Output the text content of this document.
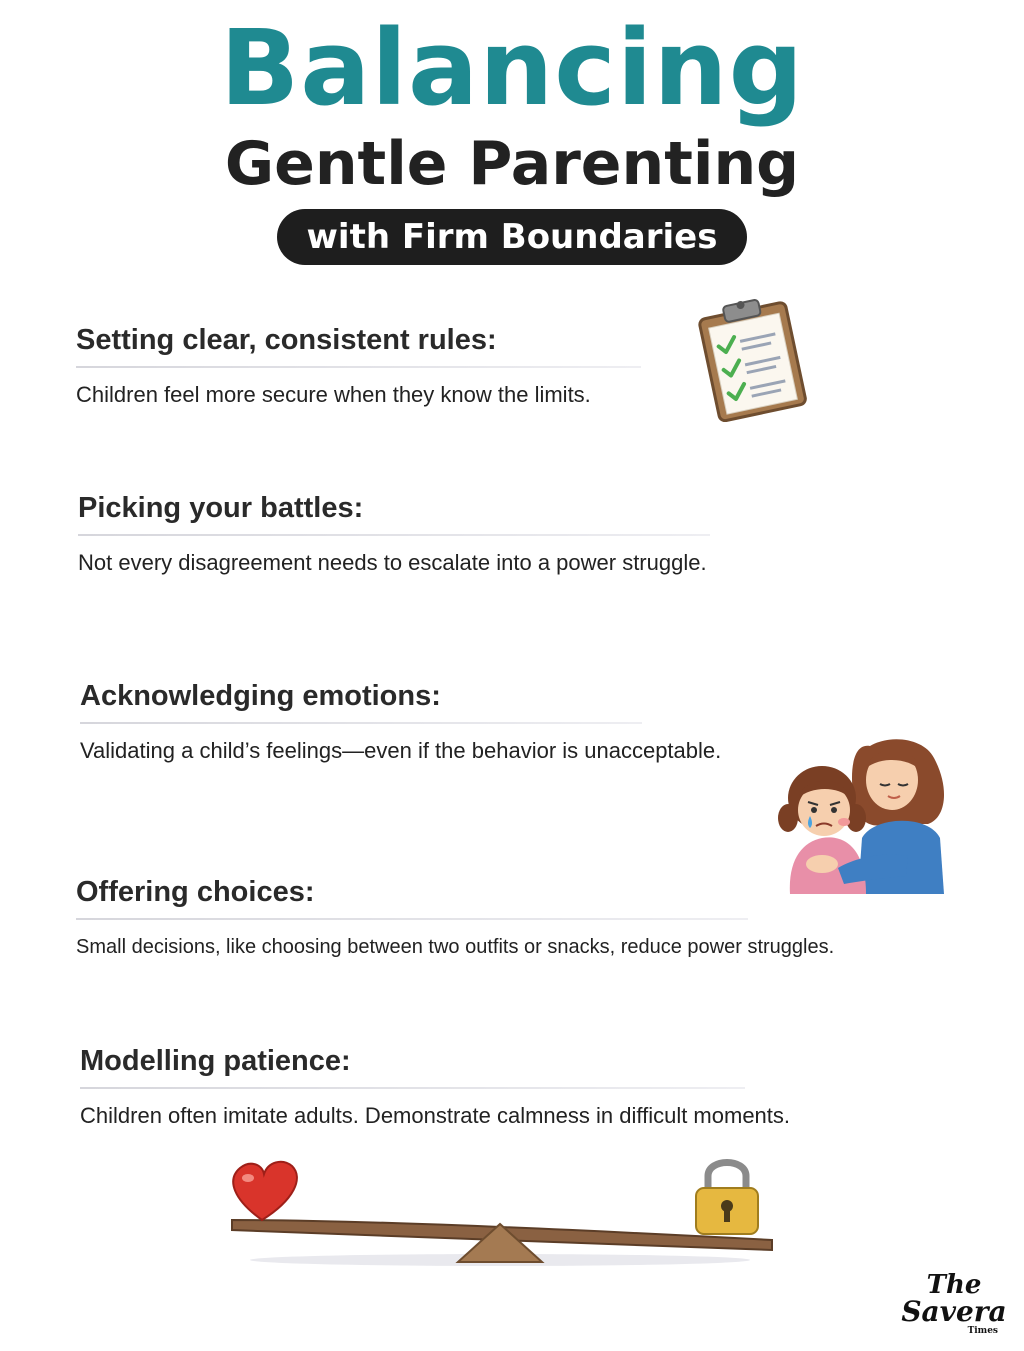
Balancing
Gentle Parenting
with Firm Boundaries
Setting clear, consistent rules:
Children feel more secure when they know the limits.
Picking your battles:
Not every disagreement needs to escalate into a power struggle.
Acknowledging emotions:
Validating a child’s feelings—even if the behavior is unacceptable.
Offering choices:
Small decisions, like choosing between two outfits or snacks, reduce power struggles.
Modelling patience:
Children often imitate adults. Demonstrate calmness in difficult moments.
The
Savera
Times
